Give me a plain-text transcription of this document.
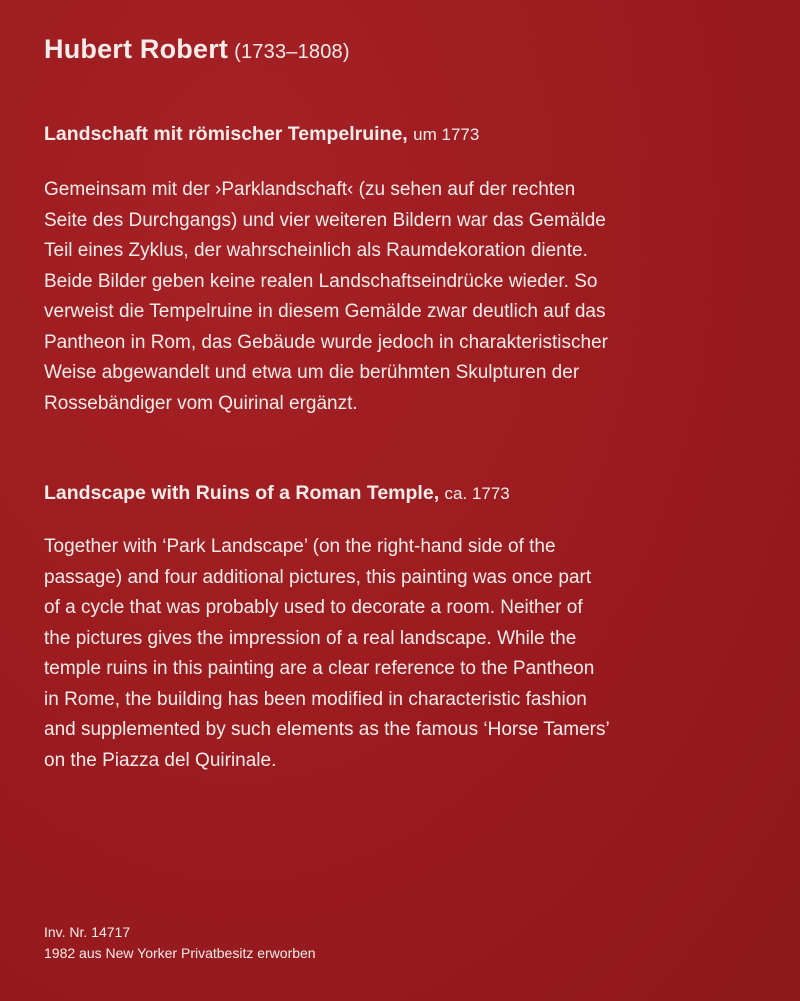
Hubert Robert (1733–1808)
Landschaft mit römischer Tempelruine, um 1773
Gemeinsam mit der ›Parklandschaft‹ (zu sehen auf der rechten
Seite des Durchgangs) und vier weiteren Bildern war das Gemälde
Teil eines Zyklus, der wahrscheinlich als Raumdekoration diente.
Beide Bilder geben keine realen Landschaftseindrücke wieder. So
verweist die Tempelruine in diesem Gemälde zwar deutlich auf das
Pantheon in Rom, das Gebäude wurde jedoch in charakteristischer
Weise abgewandelt und etwa um die berühmten Skulpturen der
Rossebändiger vom Quirinal ergänzt.
Landscape with Ruins of a Roman Temple, ca. 1773
Together with ‘Park Landscape’ (on the right-hand side of the
passage) and four additional pictures, this painting was once part
of a cycle that was probably used to decorate a room. Neither of
the pictures gives the impression of a real landscape. While the
temple ruins in this painting are a clear reference to the Pantheon
in Rome, the building has been modified in characteristic fashion
and supplemented by such elements as the famous ‘Horse Tamers’
on the Piazza del Quirinale.
Inv. Nr. 14717
1982 aus New Yorker Privatbesitz erworben
